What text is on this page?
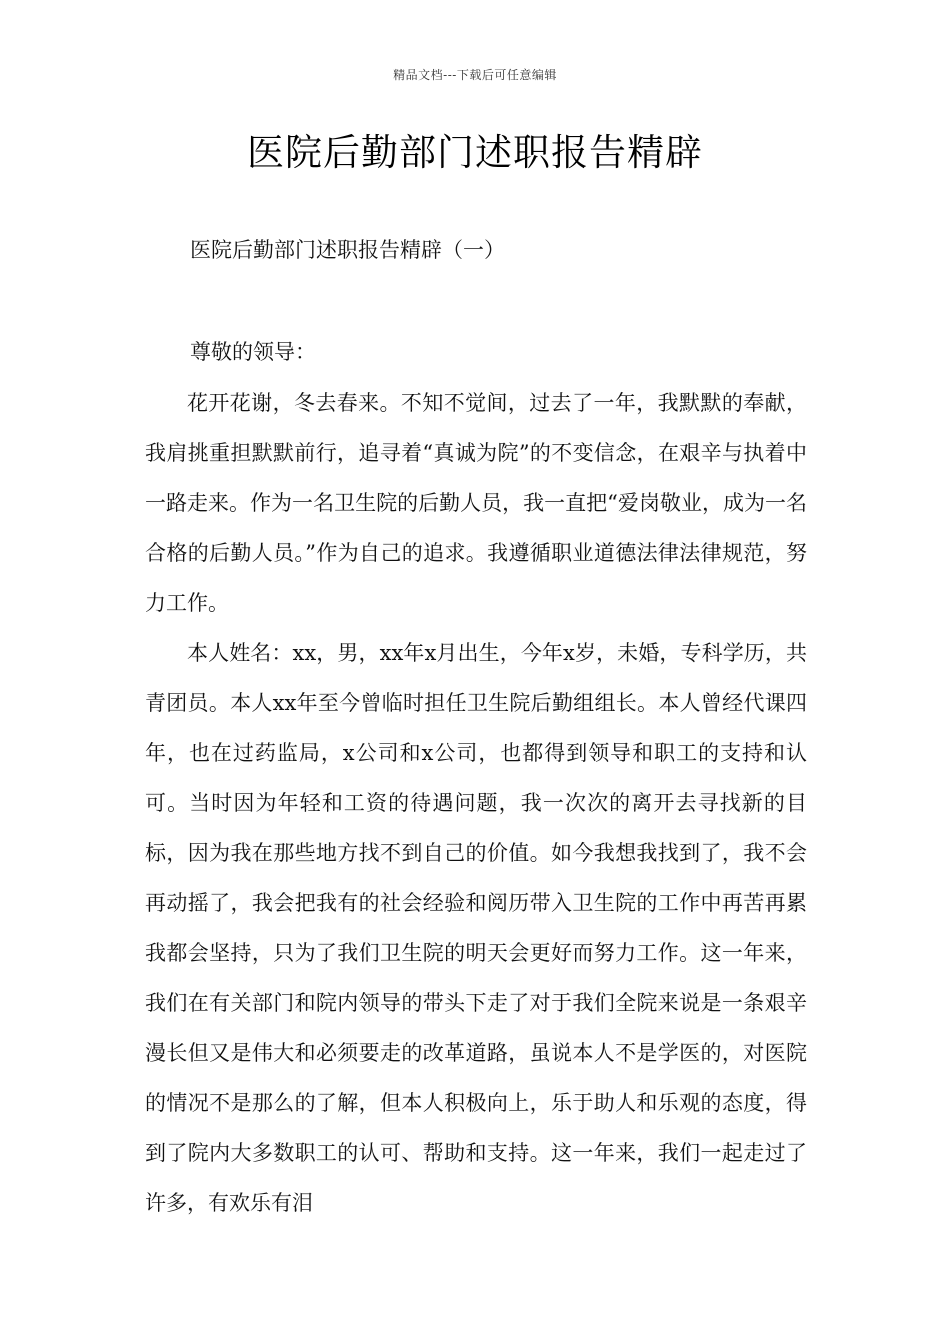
精品文档---下载后可任意编辑
医院后勤部门述职报告精辟
医院后勤部门述职报告精辟（一）

尊敬的领导：

花开花谢，冬去春来。不知不觉间，过去了一年，我默默的奉献，我肩挑重担默默前行，追寻着“真诚为院”的不变信念，在艰辛与执着中一路走来。作为一名卫生院的后勤人员，我一直把“爱岗敬业，成为一名合格的后勤人员。”作为自己的追求。我遵循职业道德法律法律规范，努力工作。

本人姓名：xx，男，xx年x月出生，今年x岁，未婚，专科学历，共青团员。本人xx年至今曾临时担任卫生院后勤组组长。本人曾经代课四年，也在过药监局，x公司和x公司，也都得到领导和职工的支持和认可。当时因为年轻和工资的待遇问题，我一次次的离开去寻找新的目标，因为我在那些地方找不到自己的价值。如今我想我找到了，我不会再动摇了，我会把我有的社会经验和阅历带入卫生院的工作中再苦再累我都会坚持，只为了我们卫生院的明天会更好而努力工作。这一年来，我们在有关部门和院内领导的带头下走了对于我们全院来说是一条艰辛漫长但又是伟大和必须要走的改革道路，虽说本人不是学医的，对医院的情况不是那么的了解，但本人积极向上，乐于助人和乐观的态度，得到了院内大多数职工的认可、帮助和支持。这一年来，我们一起走过了许多，有欢乐有泪
